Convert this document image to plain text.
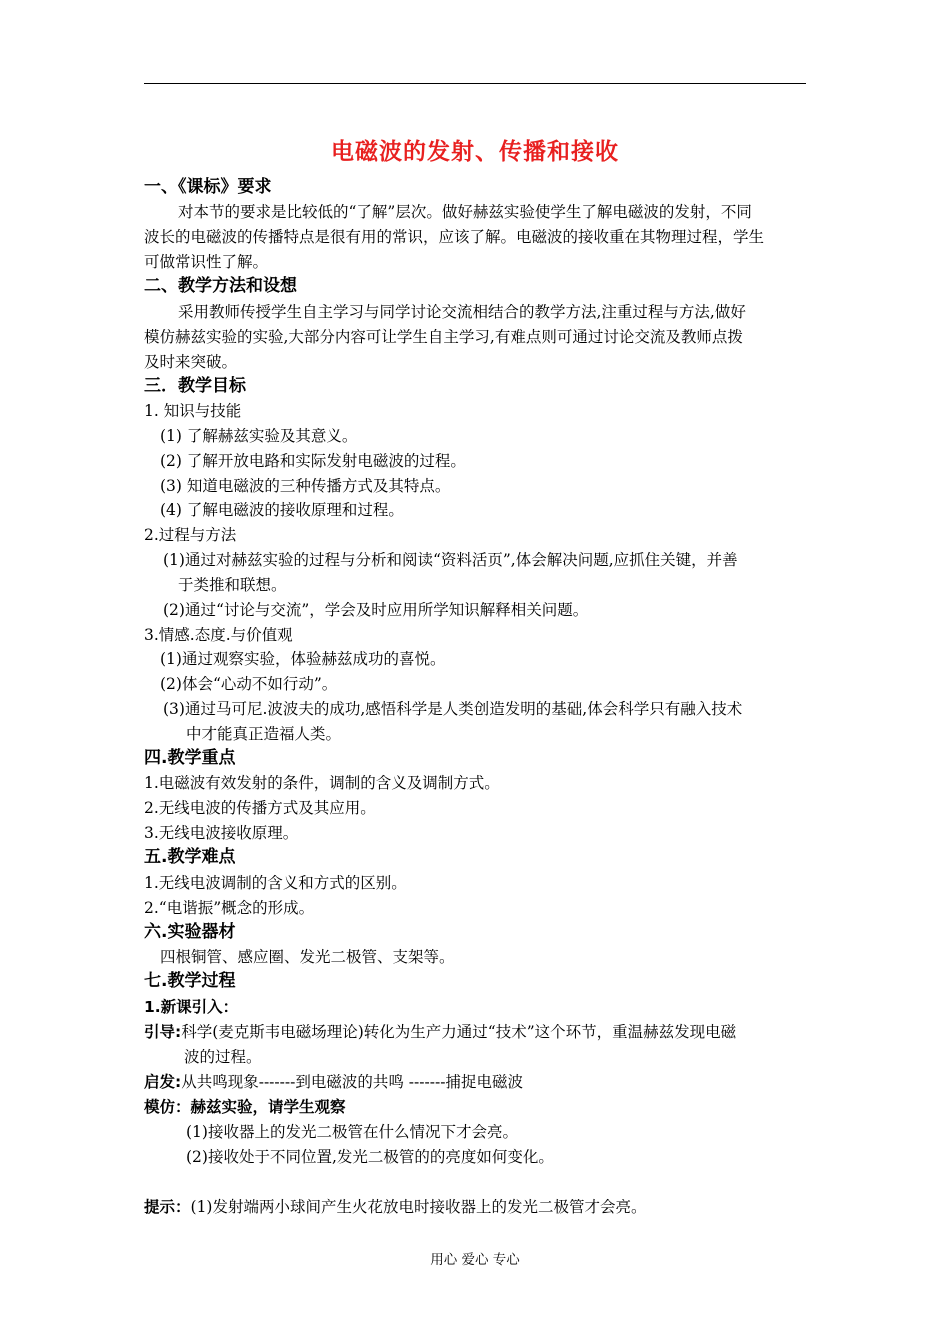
电磁波的发射、传播和接收
一、《课标》要求
对本节的要求是比较低的“了解”层次。做好赫兹实验使学生了解电磁波的发射，不同
波长的电磁波的传播特点是很有用的常识，应该了解。电磁波的接收重在其物理过程，学生
可做常识性了解。
二、教学方法和设想
采用教师传授学生自主学习与同学讨论交流相结合的教学方法,注重过程与方法,做好
模仿赫兹实验的实验,大部分内容可让学生自主学习,有难点则可通过讨论交流及教师点拨
及时来突破。
三．教学目标
1. 知识与技能
(1) 了解赫兹实验及其意义。
(2) 了解开放电路和实际发射电磁波的过程。
(3) 知道电磁波的三种传播方式及其特点。
(4) 了解电磁波的接收原理和过程。
2.过程与方法
(1)通过对赫兹实验的过程与分析和阅读“资料活页”,体会解决问题,应抓住关键，并善
于类推和联想。
(2)通过“讨论与交流”，学会及时应用所学知识解释相关问题。
3.情感.态度.与价值观
(1)通过观察实验，体验赫兹成功的喜悦。
(2)体会“心动不如行动”。
(3)通过马可尼.波波夫的成功,感悟科学是人类创造发明的基础,体会科学只有融入技术
中才能真正造福人类。
四.教学重点
1.电磁波有效发射的条件，调制的含义及调制方式。
2.无线电波的传播方式及其应用。
3.无线电波接收原理。
五.教学难点
1.无线电波调制的含义和方式的区别。
2.“电谐振”概念的形成。
六.实验器材
四根铜管、感应圈、发光二极管、支架等。
七.教学过程
1.新课引入：
引导:科学(麦克斯韦电磁场理论)转化为生产力通过“技术”这个环节，重温赫兹发现电磁
波的过程。
启发:从共鸣现象-------到电磁波的共鸣 -------捕捉电磁波
模仿：赫兹实验，请学生观察
(1)接收器上的发光二极管在什么情况下才会亮。
(2)接收处于不同位置,发光二极管的的亮度如何变化。
提示：(1)发射端两小球间产生火花放电时接收器上的发光二极管才会亮。
用心 爱心 专心
